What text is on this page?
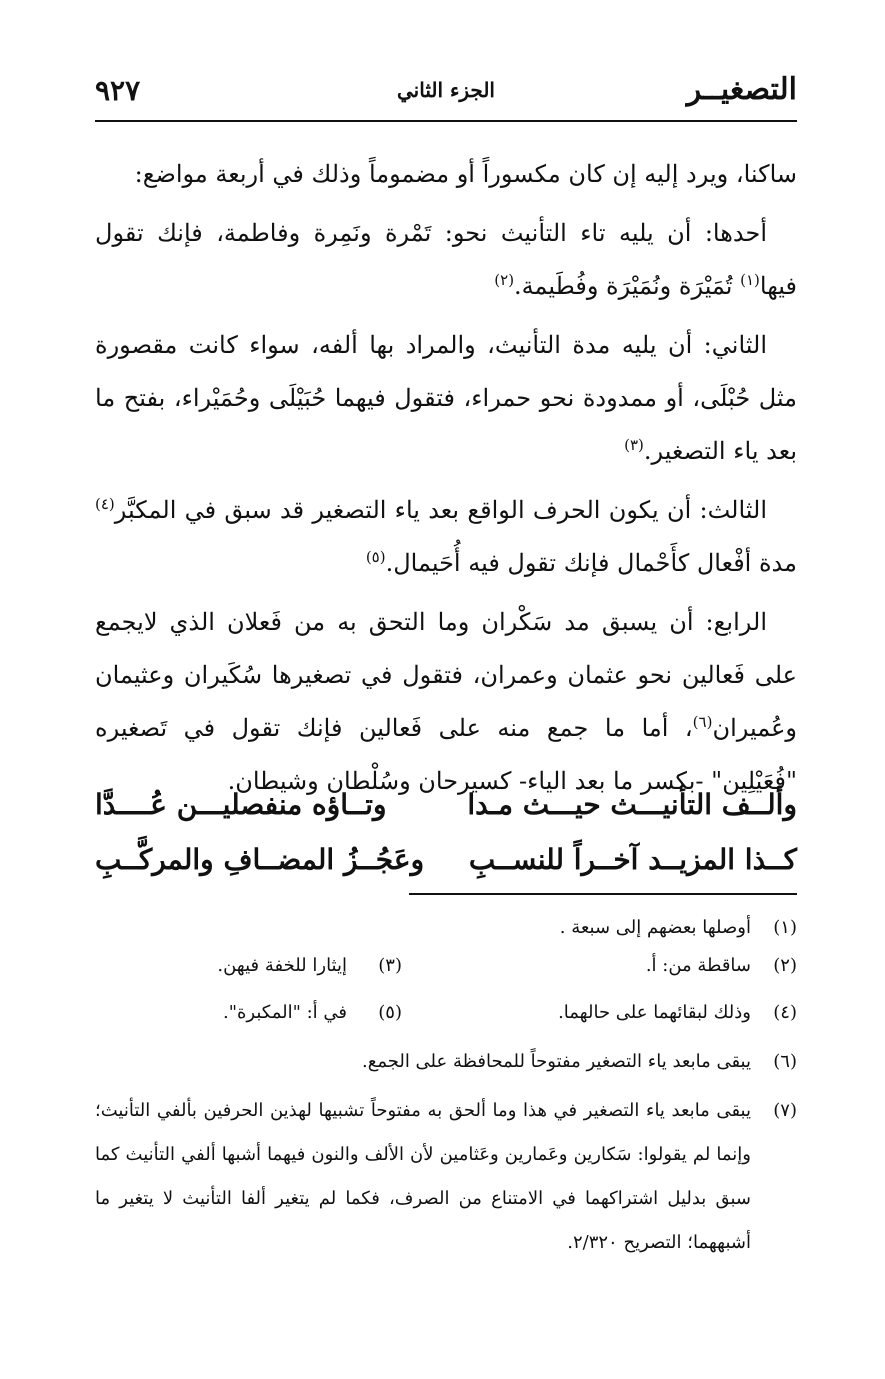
التصغيــر
الجزء الثاني
٩٢٧

ساكنا، ويرد إليه إن كان مكسوراً أو مضموماً وذلك في أربعة مواضع:

أحدها: أن يليه تاء التأنيث نحو: تَمْرة ونَمِرة وفاطمة، فإنك تقول فيها$^{(١)}$ تُمَيْرَة ونُمَيْرَة وفُطَيمة.$^{(٢)}$

الثاني: أن يليه مدة التأنيث، والمراد بها ألفه، سواء كانت مقصورة مثل حُبْلَى، أو ممدودة نحو حمراء، فتقول فيهما حُبَيْلَى وحُمَيْراء، بفتح ما بعد ياء التصغير.$^{(٣)}$

الثالث: أن يكون الحرف الواقع بعد ياء التصغير قد سبق في المكبَّر$^{(٤)}$ مدة أفْعال كأَحْمال فإنك تقول فيه أُحَيمال.$^{(٥)}$

الرابع: أن يسبق مد سَكْران وما التحق به من فَعلان الذي لايجمع على فَعالين نحو عثمان وعمران، فتقول في تصغيرها سُكَيران وعثيمان وعُميران$^{(٦)}$، أما ما جمع منه على فَعالين فإنك تقول في تَصغيره "فُعَيْلِين" -بكسر ما بعد الياء- كسيرحان وسُلْطان وشيطان.

وألــف التأنيـــث حيـــث مـدا
وتــاؤه منفصليـــن عُــــدَّا
كــذا المزيــد آخــراً للنســبِ
وعَجُــزُ المضــافِ والمركَّــبِ
(١)
أوصلها بعضهم إلى سبعة .
(٢)
ساقطة من: أ.
(٣)
إيثارا للخفة فيهن.
(٤)
وذلك لبقائهما على حالهما.
(٥)
في أ: "المكبرة".
(٦)
يبقى مابعد ياء التصغير مفتوحاً للمحافظة على الجمع.
(٧)
يبقى مابعد ياء التصغير في هذا وما ألحق به مفتوحاً تشبيها لهذين الحرفين بألفي التأنيث؛ وإنما لم يقولوا: سَكارين وعَمارين وعَثامين لأن الألف والنون فيهما أشبها ألفي التأنيث كما سبق بدليل اشتراكهما في الامتناع من الصرف، فكما لم يتغير ألفا التأنيث لا يتغير ما أشبههما؛ التصريح ٢/٣٢٠.
